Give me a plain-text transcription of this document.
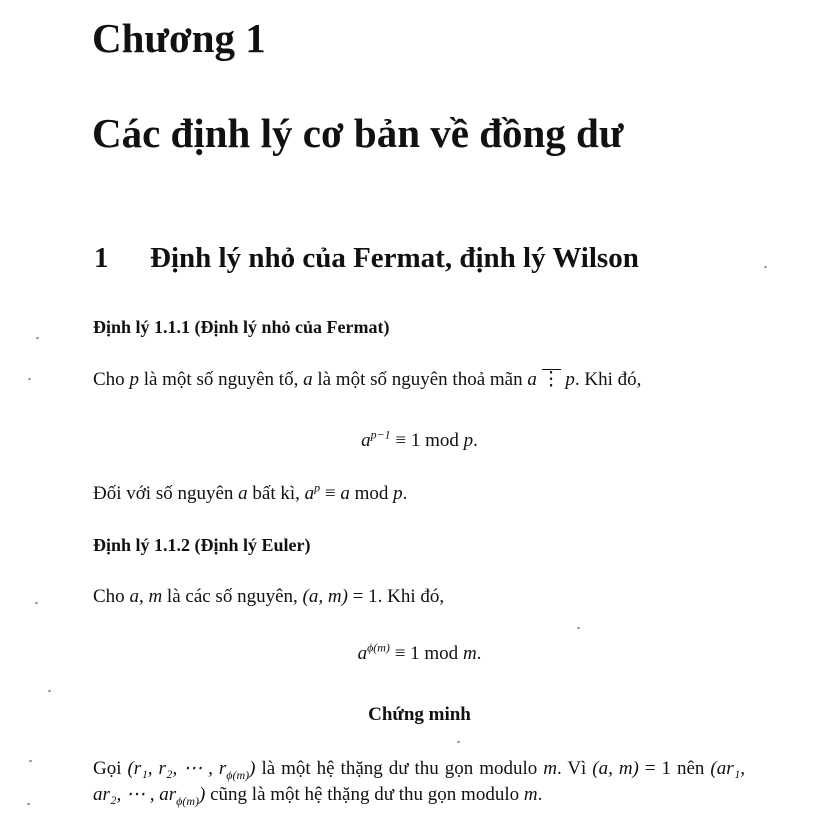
Chương 1
Các định lý cơ bản về đồng dư
1 Định lý nhỏ của Fermat, định lý Wilson

Định lý 1.1.1 (Định lý nhỏ của Fermat)

Cho p là một số nguyên tố, a là một số nguyên thoả mãn a ⋮ p. Khi đó,

$a^{p-1} \equiv 1$ mod p.

Đối với số nguyên a bất kì, $a^p \equiv a$ mod p.

Định lý 1.1.2 (Định lý Euler)

Cho a, m là các số nguyên, (a, m) = 1. Khi đó,

$a^{\phi(m)} \equiv 1$ mod m.

Chứng minh

Gọi (r₁, r₂, ⋯ , $r_{\phi(m)}$) là một hệ thặng dư thu gọn modulo m. Vì (a, m) = 1 nên (ar₁, ar₂, ⋯ , $ar_{\phi(m)}$) cũng là một hệ thặng dư thu gọn modulo m.
